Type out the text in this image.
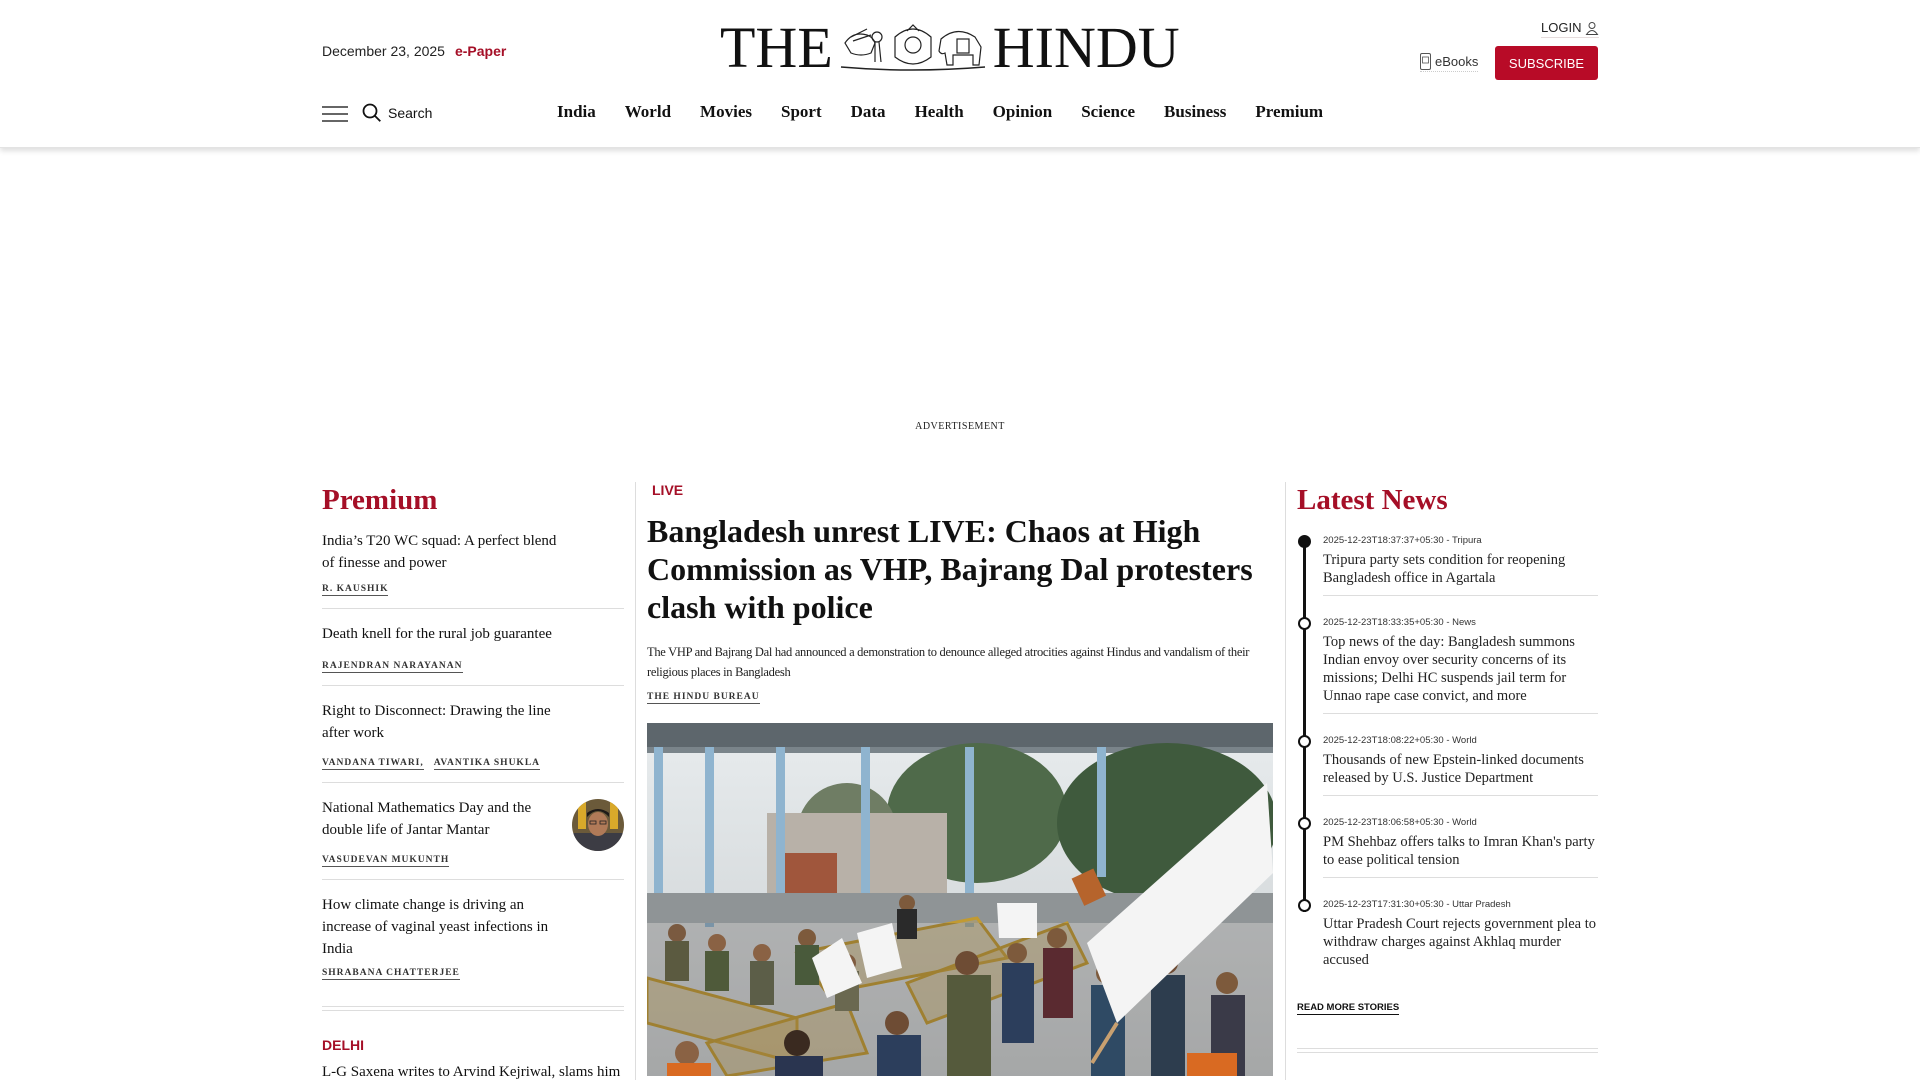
December 23, 2025 e-Paper	THE	HINDU	LOGIN
eBooks	SUBSCRIBE
Search	India World Movies Sport Data Health Opinion Science Business Premium
ADVERTISEMENT
Premium
India’s T20 WC squad: A perfect blend of finesse and power
R. KAUSHIK
Death knell for the rural job guarantee
RAJENDRAN NARAYANAN
Right to Disconnect: Drawing the line after work
VANDANA TIWARI, AVANTIKA SHUKLA
National Mathematics Day and the double life of Jantar Mantar
VASUDEVAN MUKUNTH
How climate change is driving an increase of vaginal yeast infections in India
SHRABANA CHATTERJEE
DELHI
L-G Saxena writes to Arvind Kejriwal, slams him
LIVE
Bangladesh unrest LIVE: Chaos at High Commission as VHP, Bajrang Dal protesters clash with police

The VHP and Bajrang Dal had announced a demonstration to denounce alleged atrocities against Hindus and vandalism of their religious places in Bangladesh

THE HINDU BUREAU
Latest News
2025-12-23T18:37:37+05:30 - Tripura
Tripura party sets condition for reopening Bangladesh office in Agartala
2025-12-23T18:33:35+05:30 - News
Top news of the day: Bangladesh summons Indian envoy over security concerns of its missions; Delhi HC suspends jail term for Unnao rape case convict, and more
2025-12-23T18:08:22+05:30 - World
Thousands of new Epstein-linked documents released by U.S. Justice Department
2025-12-23T18:06:58+05:30 - World
PM Shehbaz offers talks to Imran Khan's party to ease political tension
2025-12-23T17:31:30+05:30 - Uttar Pradesh
Uttar Pradesh Court rejects government plea to withdraw charges against Akhlaq murder accused
READ MORE STORIES
